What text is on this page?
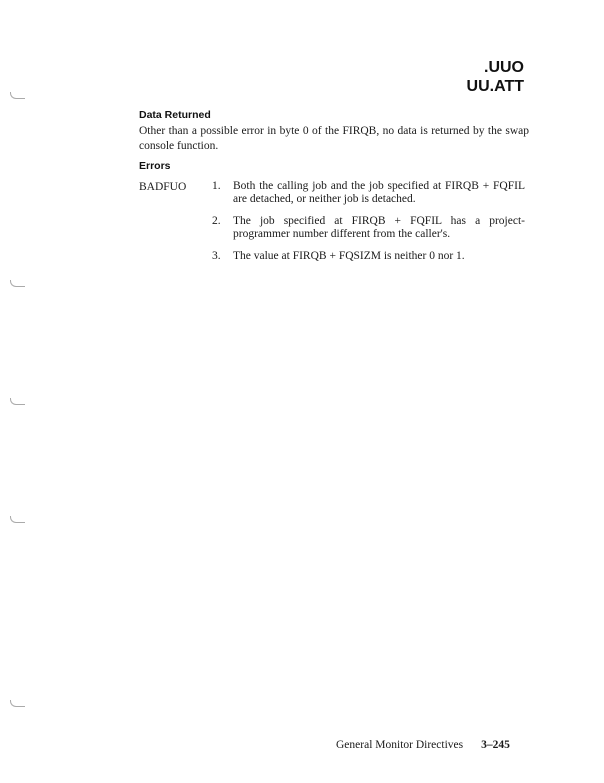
.UUO
UU.ATT
Data Returned
Other than a possible error in byte 0 of the FIRQB, no data is returned by the swap console function.
Errors
BADFUO	1.	Both the calling job and the job specified at FIRQB + FQFIL are detached, or neither job is detached.
2.	The job specified at FIRQB + FQFIL has a project-programmer number different from the caller's.
3.	The value at FIRQB + FQSIZM is neither 0 nor 1.
General Monitor Directives 3–245
